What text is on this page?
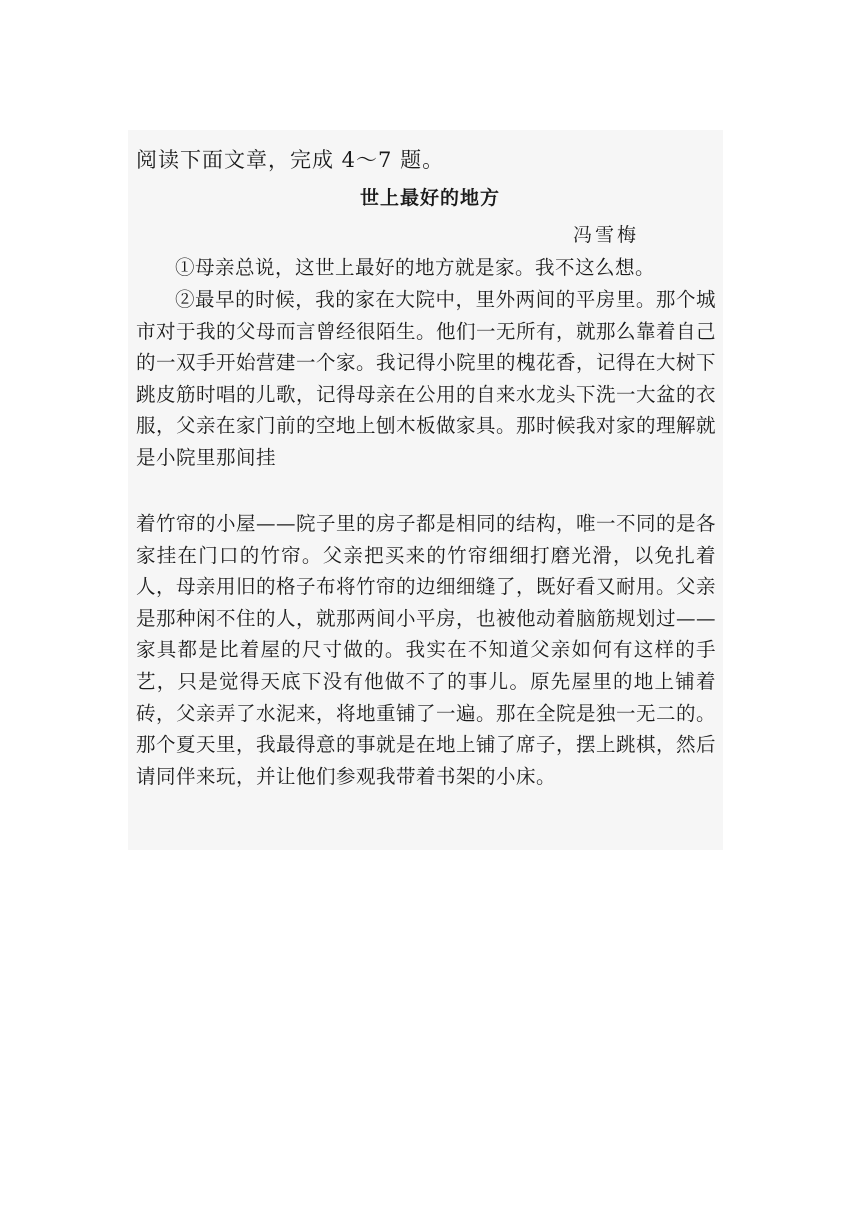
阅读下面文章，完成 4～7 题。
世上最好的地方
冯雪梅

①母亲总说，这世上最好的地方就是家。我不这么想。

②最早的时候，我的家在大院中，里外两间的平房里。那个城市对于我的父母而言曾经很陌生。他们一无所有，就那么靠着自己的一双手开始营建一个家。我记得小院里的槐花香，记得在大树下跳皮筋时唱的儿歌，记得母亲在公用的自来水龙头下洗一大盆的衣服，父亲在家门前的空地上刨木板做家具。那时候我对家的理解就是小院里那间挂

着竹帘的小屋——院子里的房子都是相同的结构，唯一不同的是各家挂在门口的竹帘。父亲把买来的竹帘细细打磨光滑，以免扎着人，母亲用旧的格子布将竹帘的边细细缝了，既好看又耐用。父亲是那种闲不住的人，就那两间小平房，也被他动着脑筋规划过——家具都是比着屋的尺寸做的。我实在不知道父亲如何有这样的手艺，只是觉得天底下没有他做不了的事儿。原先屋里的地上铺着砖，父亲弄了水泥来，将地重铺了一遍。那在全院是独一无二的。那个夏天里，我最得意的事就是在地上铺了席子，摆上跳棋，然后请同伴来玩，并让他们参观我带着书架的小床。
